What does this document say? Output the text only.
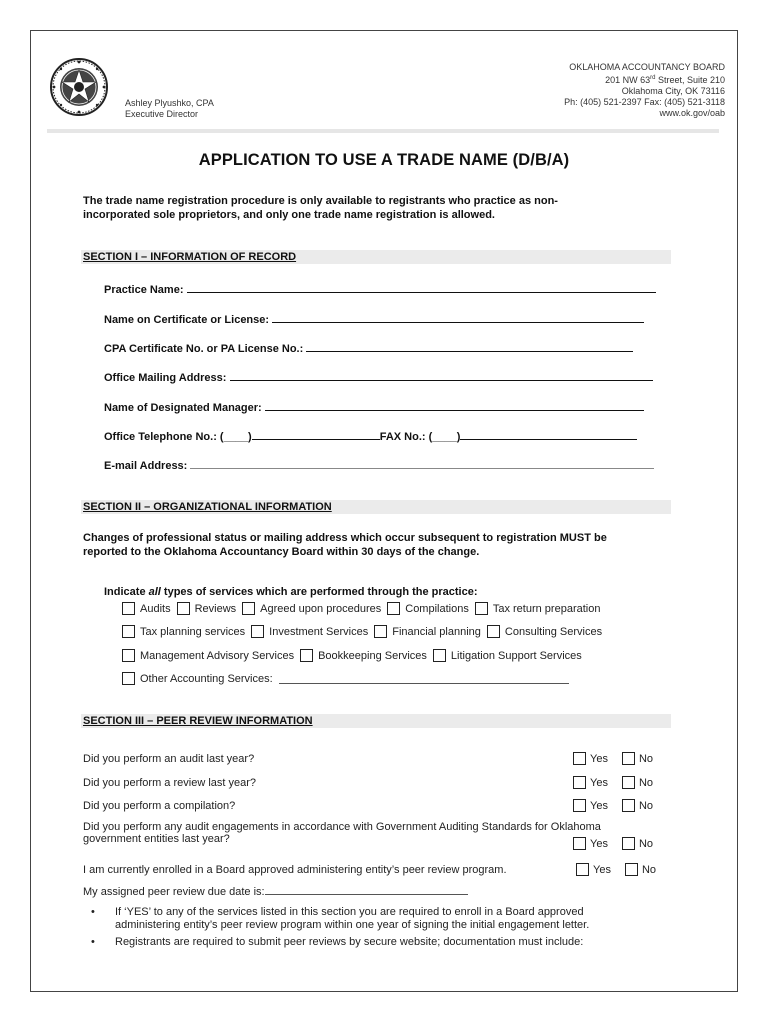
Ashley Plyushko, CPA
Executive Director
OKLAHOMA ACCOUNTANCY BOARD
201 NW 63rd Street, Suite 210
Oklahoma City, OK 73116
Ph: (405) 521-2397 Fax: (405) 521-3118
www.ok.gov/oab
APPLICATION TO USE A TRADE NAME (D/B/A)
The trade name registration procedure is only available to registrants who practice as non-
incorporated sole proprietors, and only one trade name registration is allowed.
SECTION I – INFORMATION OF RECORD
Practice Name:
Name on Certificate or License:
CPA Certificate No. or PA License No.:
Office Mailing Address:
Name of Designated Manager:
Office Telephone No.: (____)	FAX No.: (____)
E-mail Address:
SECTION II – ORGANIZATIONAL INFORMATION
Changes of professional status or mailing address which occur subsequent to registration MUST be
reported to the Oklahoma Accountancy Board within 30 days of the change.
Indicate all types of services which are performed through the practice:
Audits Reviews Agreed upon procedures Compilations Tax return preparation
Tax planning services Investment Services Financial planning Consulting Services
Management Advisory Services Bookkeeping Services Litigation Support Services
Other Accounting Services:
SECTION III – PEER REVIEW INFORMATION
Did you perform an audit last year?	Yes	No
Did you perform a review last year?	Yes	No
Did you perform a compilation?	Yes	No
Did you perform any audit engagements in accordance with Government Auditing Standards for Oklahoma
government entities last year?	Yes	No
I am currently enrolled in a Board approved administering entity’s peer review program.	Yes	No
My assigned peer review due date is:
• If ‘YES’ to any of the services listed in this section you are required to enroll in a Board approved
administering entity’s peer review program within one year of signing the initial engagement letter.
• Registrants are required to submit peer reviews by secure website; documentation must include:
